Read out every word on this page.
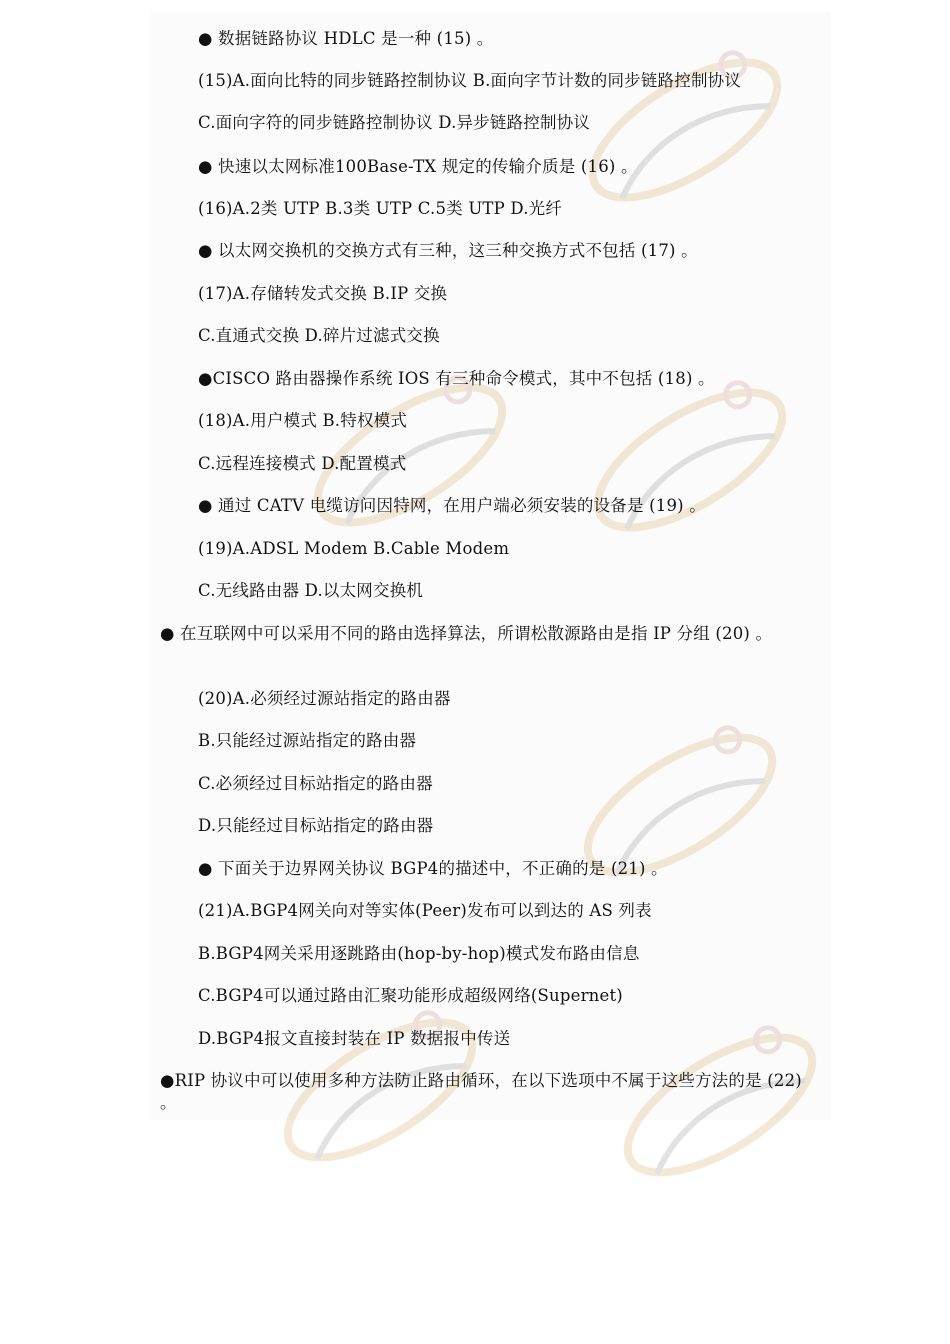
● 数据链路协议 HDLC 是一种 (15) 。
(15)A.面向比特的同步链路控制协议 B.面向字节计数的同步链路控制协议
C.面向字符的同步链路控制协议 D.异步链路控制协议
● 快速以太网标准100Base-TX 规定的传输介质是 (16) 。
(16)A.2类 UTP B.3类 UTP C.5类 UTP D.光纤
● 以太网交换机的交换方式有三种，这三种交换方式不包括 (17) 。
(17)A.存储转发式交换 B.IP 交换
C.直通式交换 D.碎片过滤式交换
●CISCO 路由器操作系统 IOS 有三种命令模式，其中不包括 (18) 。
(18)A.用户模式 B.特权模式
C.远程连接模式 D.配置模式
● 通过 CATV 电缆访问因特网，在用户端必须安装的设备是 (19) 。
(19)A.ADSL Modem B.Cable Modem
C.无线路由器 D.以太网交换机
● 在互联网中可以采用不同的路由选择算法，所谓松散源路由是指 IP 分组 (20) 。
(20)A.必须经过源站指定的路由器
B.只能经过源站指定的路由器
C.必须经过目标站指定的路由器
D.只能经过目标站指定的路由器
● 下面关于边界网关协议 BGP4的描述中，不正确的是 (21) 。
(21)A.BGP4网关向对等实体(Peer)发布可以到达的 AS 列表
B.BGP4网关采用逐跳路由(hop-by-hop)模式发布路由信息
C.BGP4可以通过路由汇聚功能形成超级网络(Supernet)
D.BGP4报文直接封装在 IP 数据报中传送
●RIP 协议中可以使用多种方法防止路由循环，在以下选项中不属于这些方法的是 (22) 。
